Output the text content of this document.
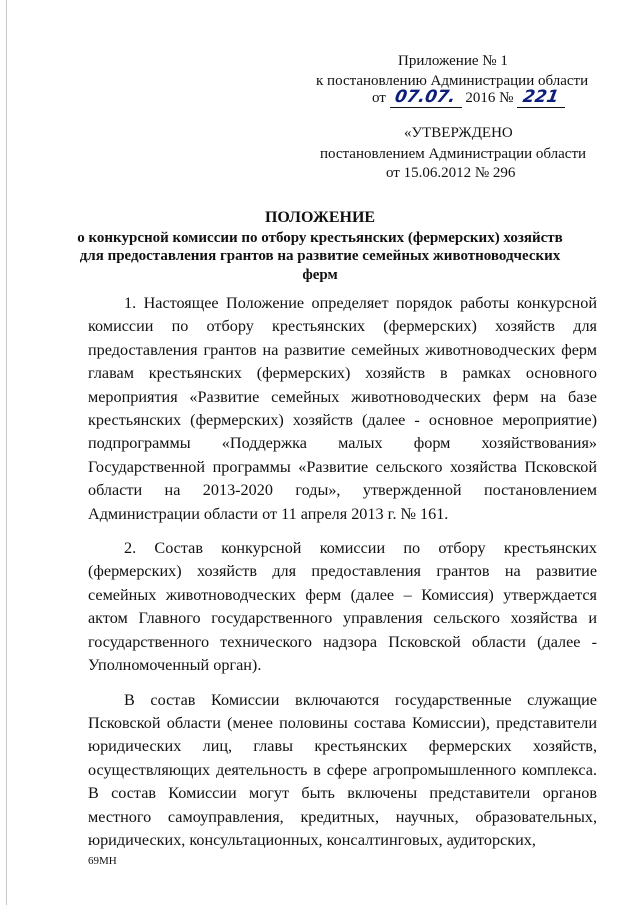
Приложение № 1
к постановлению Администрации области
от 07.07. 2016 № 221
«УТВЕРЖДЕНО
постановлением Администрации области
от 15.06.2012 № 296
ПОЛОЖЕНИЕ
о конкурсной комиссии по отбору крестьянских (фермерских) хозяйств
для предоставления грантов на развитие семейных животноводческих
ферм

1. Настоящее Положение определяет порядок работы конкурсной комиссии по отбору крестьянских (фермерских) хозяйств для предоставления грантов на развитие семейных животноводческих ферм главам крестьянских (фермерских) хозяйств в рамках основного мероприятия «Развитие семейных животноводческих ферм на базе крестьянских (фермерских) хозяйств (далее - основное мероприятие) подпрограммы «Поддержка малых форм хозяйствования» Государственной программы «Развитие сельского хозяйства Псковской области на 2013-2020 годы», утвержденной постановлением Администрации области от 11 апреля 2013 г. № 161.

2. Состав конкурсной комиссии по отбору крестьянских (фермерских) хозяйств для предоставления грантов на развитие семейных животноводческих ферм (далее – Комиссия) утверждается актом Главного государственного управления сельского хозяйства и государственного технического надзора Псковской области (далее - Уполномоченный орган).

В состав Комиссии включаются государственные служащие Псковской области (менее половины состава Комиссии), представители юридических лиц, главы крестьянских фермерских хозяйств, осуществляющих деятельность в сфере агропромышленного комплекса. В состав Комиссии могут быть включены представители органов местного самоуправления, кредитных, научных, образовательных, юридических, консультационных, консалтинговых, аудиторских,

69МН
